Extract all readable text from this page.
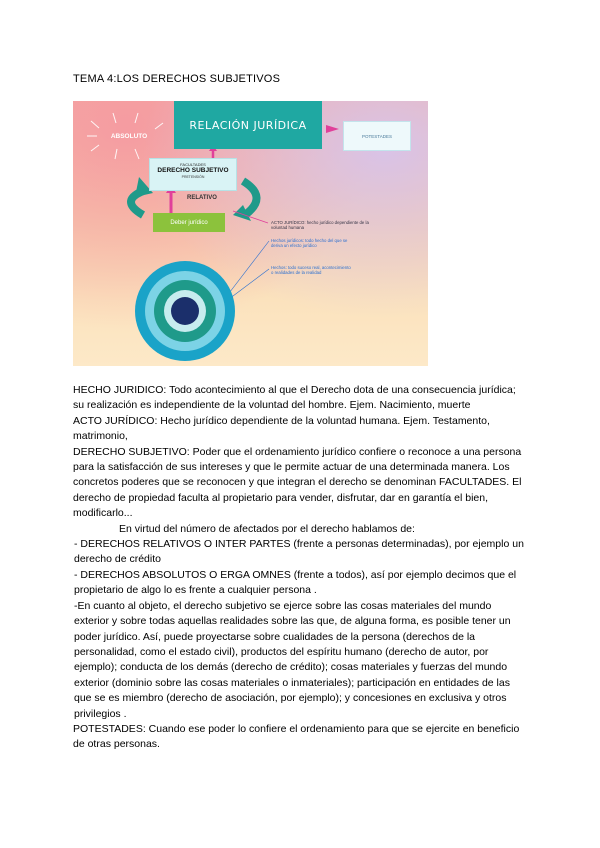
TEMA 4:LOS DERECHOS SUBJETIVOS
RELACIÓN JURÍDICA
POTESTADES
ABSOLUTO
FACULTADES
DERECHO SUBJETIVO
PRETENSIÓN
RELATIVO
Deber jurídico	ACTO JURÍDICO: hecho jurídico dependiente de la voluntad humana
Hechos jurídicos: todo hecho del que se deriva un efecto jurídico
Hechos: todo suceso real, acontecimiento o realidades de la realidad

HECHO JURIDICO: Todo acontecimiento al que el Derecho dota de una consecuencia jurídica; su realización es independiente de la voluntad del hombre. Ejem. Nacimiento, muerte

ACTO JURÍDICO: Hecho jurídico dependiente de la voluntad humana. Ejem. Testamento, matrimonio,

DERECHO SUBJETIVO: Poder que el ordenamiento jurídico confiere o reconoce a una persona para la satisfacción de sus intereses y que le permite actuar de una determinada manera. Los concretos poderes que se reconocen y que integran el derecho se denominan FACULTADES. El derecho de propiedad faculta al propietario para vender, disfrutar, dar en garantía el bien, modificarlo...

En virtud del número de afectados por el derecho hablamos de:

- DERECHOS RELATIVOS O INTER PARTES (frente a personas determinadas), por ejemplo un derecho de crédito

- DERECHOS ABSOLUTOS O ERGA OMNES (frente a todos), así por ejemplo decimos que el propietario de algo lo es frente a cualquier persona .

-En cuanto al objeto, el derecho subjetivo se ejerce sobre las cosas materiales del mundo exterior y sobre todas aquellas realidades sobre las que, de alguna forma, es posible tener un poder jurídico. Así, puede proyectarse sobre cualidades de la persona (derechos de la personalidad, como el estado civil), productos del espíritu humano (derecho de autor, por ejemplo); conducta de los demás (derecho de crédito); cosas materiales y fuerzas del mundo exterior (dominio sobre las cosas materiales o inmateriales); participación en entidades de las que se es miembro (derecho de asociación, por ejemplo); y concesiones en exclusiva y otros privilegios .

POTESTADES: Cuando ese poder lo confiere el ordenamiento para que se ejercite en beneficio de otras personas.
